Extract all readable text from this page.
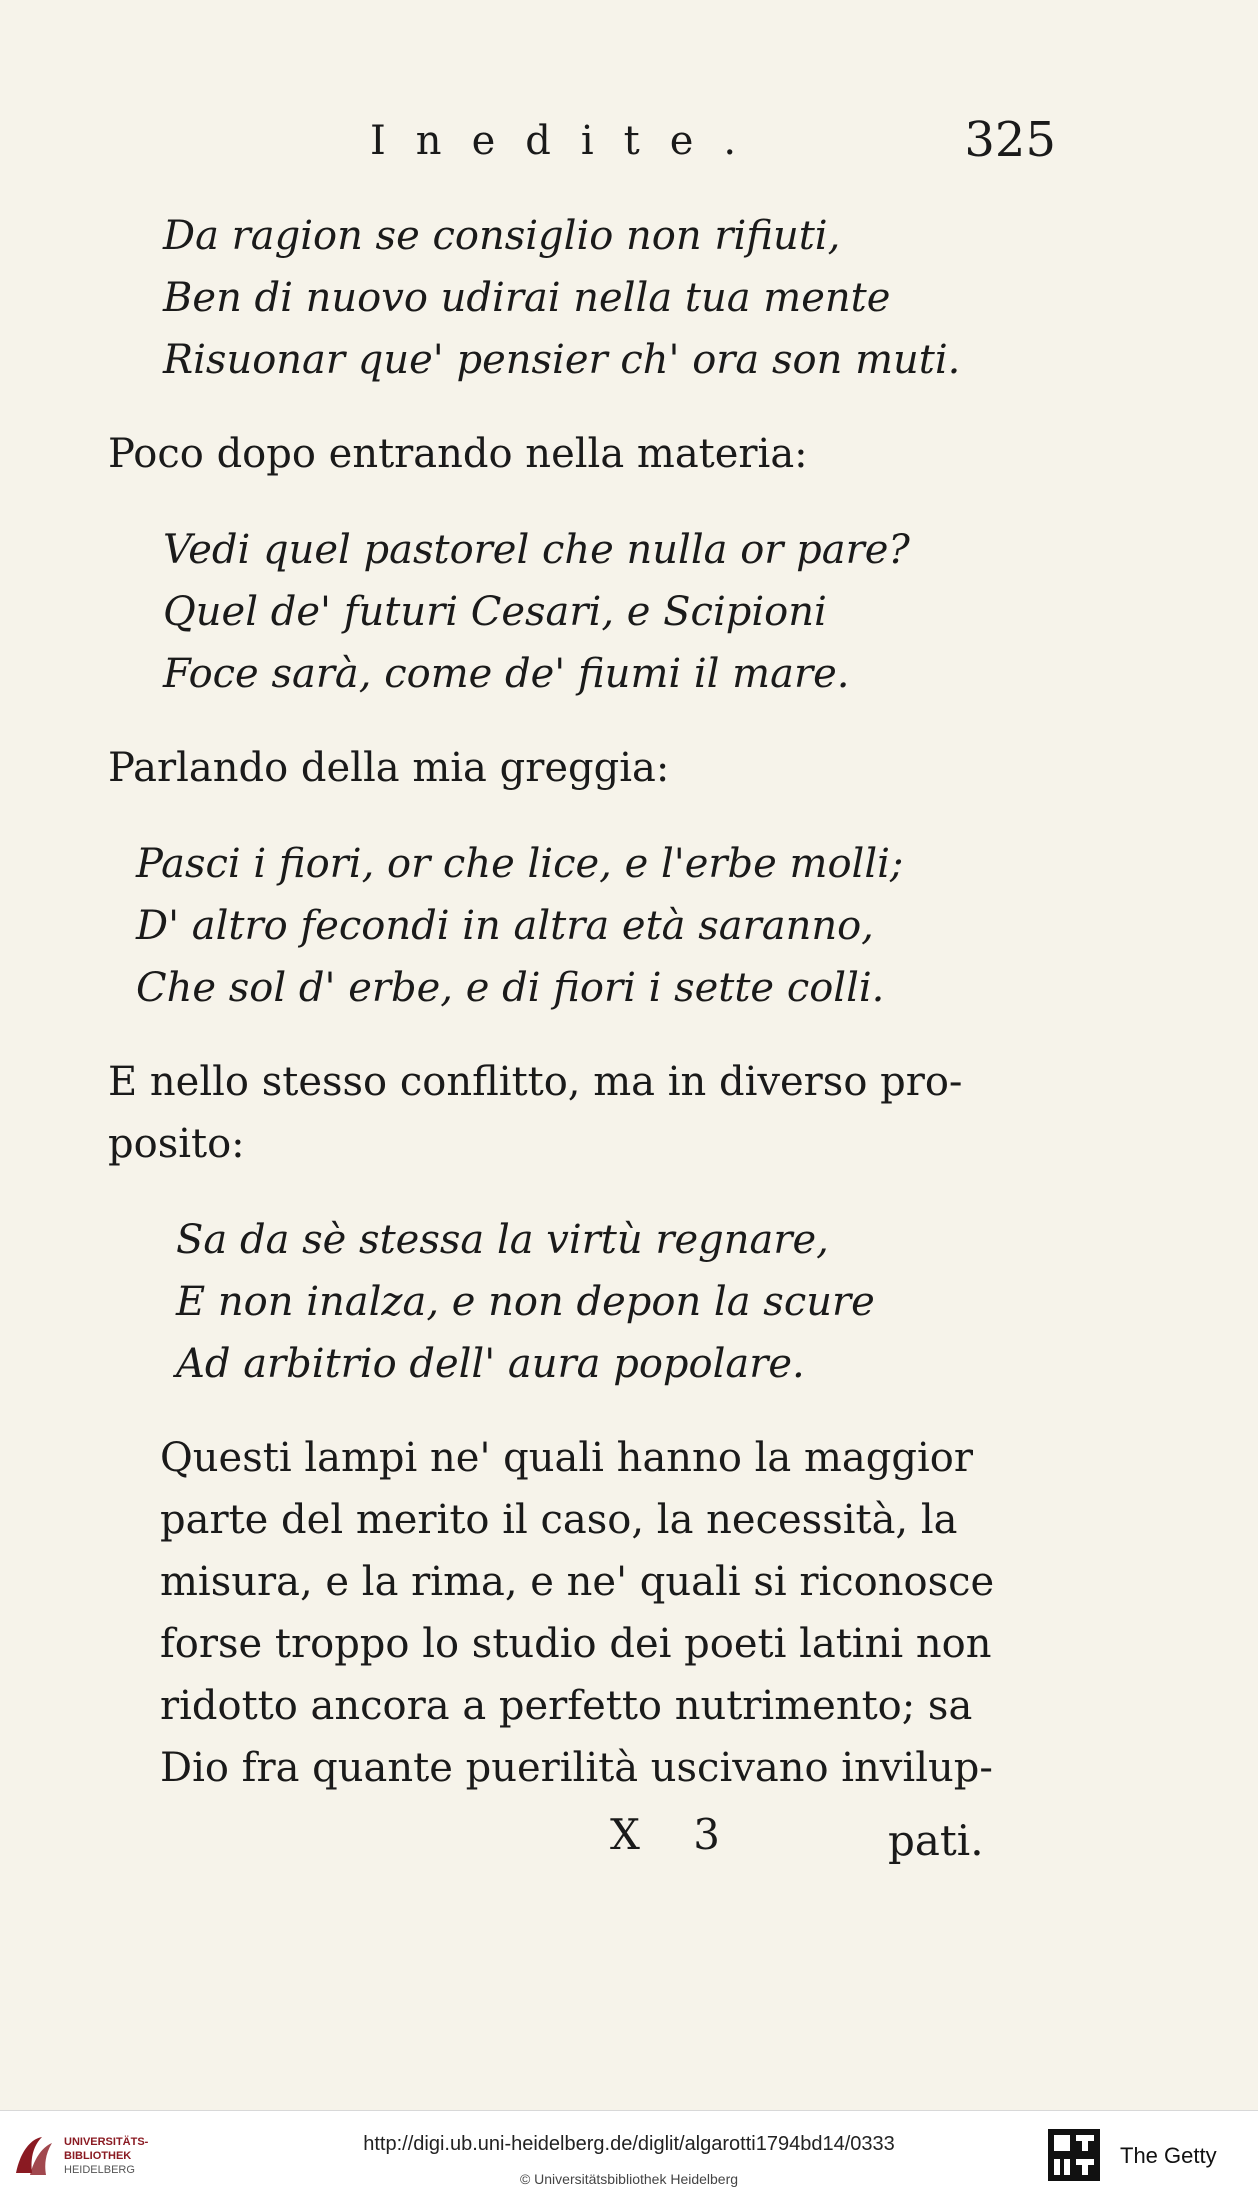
Inedite.	325
Da ragion se consiglio non rifiuti,
Ben di nuovo udirai nella tua mente
Risuonar que' pensier ch' ora son muti.
Poco dopo entrando nella materia:
Vedi quel pastorel che nulla or pare?
Quel de' futuri Cesari, e Scipioni
Foce sarà, come de' fiumi il mare.
Parlando della mia greggia:
Pasci i fiori, or che lice, e l'erbe molli;
D' altro fecondi in altra età saranno,
Che sol d' erbe, e di fiori i sette colli.
E nello stesso conflitto, ma in diverso pro-
posito:
Sa da sè stessa la virtù regnare,
E non inalza, e non depon la scure
Ad arbitrio dell' aura popolare.
Questi lampi ne' quali hanno la maggior
parte del merito il caso, la necessità, la
misura, e la rima, e ne' quali si riconosce
forse troppo lo studio dei poeti latini non
ridotto ancora a perfetto nutrimento; sa
Dio fra quante puerilità uscivano invilup-
X 3	pati.
UNIVERSITÄTS-
BIBLIOTHEK
HEIDELBERG
http://digi.ub.uni-heidelberg.de/diglit/algarotti1794bd14/0333
© Universitätsbibliothek Heidelberg
The Getty
